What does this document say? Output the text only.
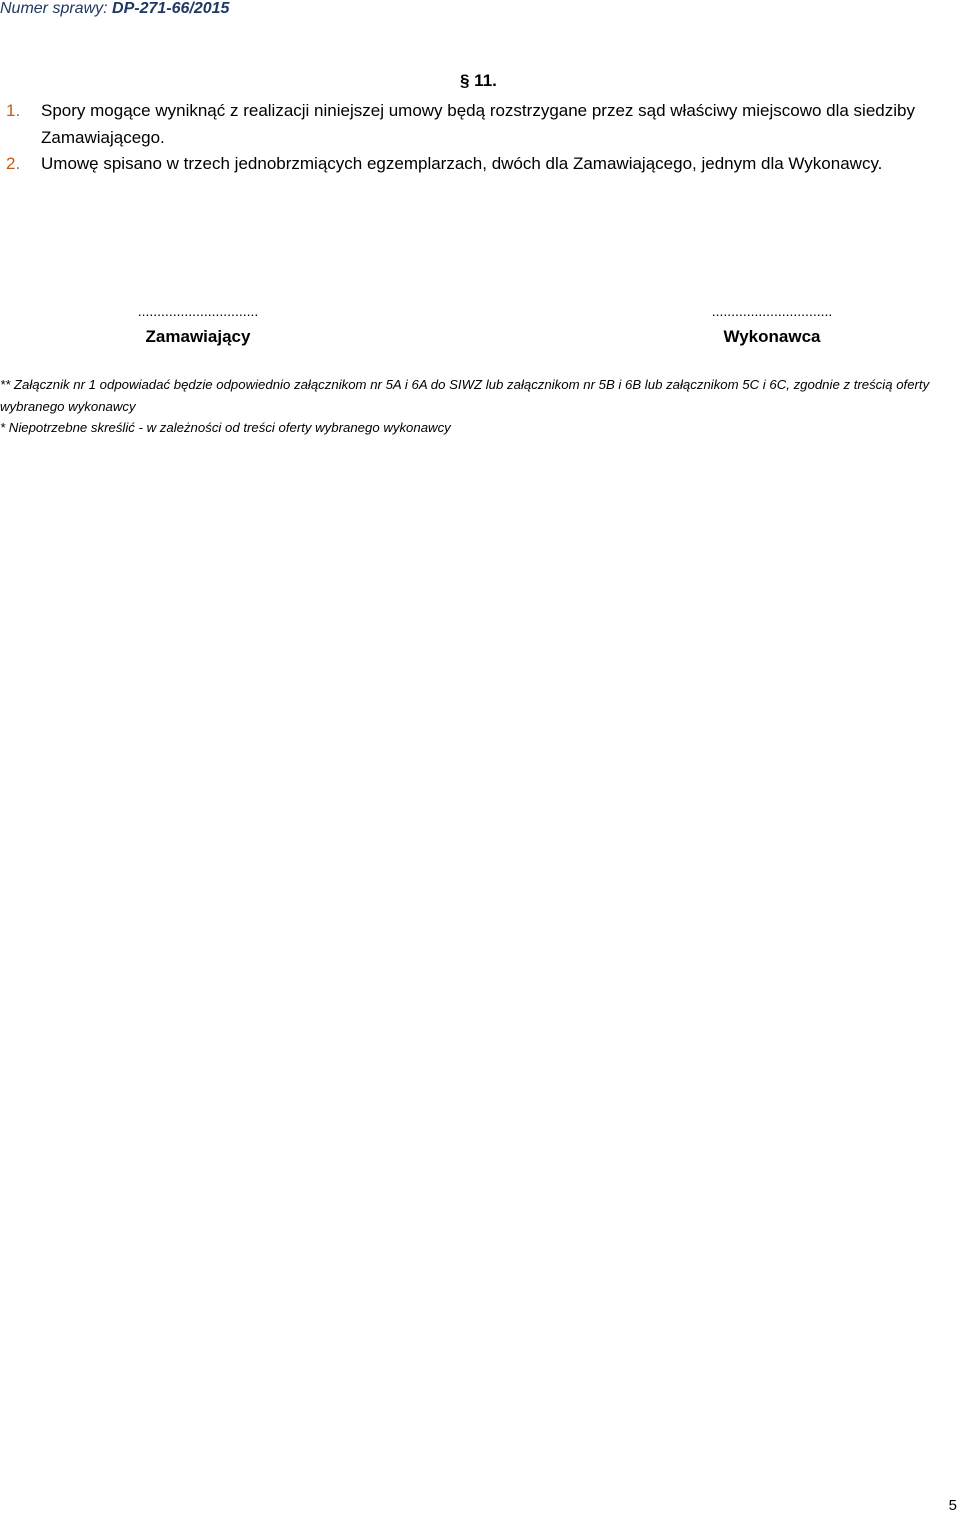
Numer sprawy: DP-271-66/2015
§ 11.
1. Spory mogące wyniknąć z realizacji niniejszej umowy będą rozstrzygane przez sąd właściwy miejscowo dla siedziby Zamawiającego.
2. Umowę spisano w trzech jednobrzmiących egzemplarzach, dwóch dla Zamawiającego, jednym dla Wykonawcy.
...............................
Zamawiający
...............................
Wykonawca
** Załącznik nr 1 odpowiadać będzie odpowiednio załącznikom nr 5A i 6A do SIWZ lub załącznikom nr 5B i 6B lub załącznikom 5C i 6C, zgodnie z treścią oferty wybranego wykonawcy
* Niepotrzebne skreślić - w zależności od treści oferty wybranego wykonawcy
5
